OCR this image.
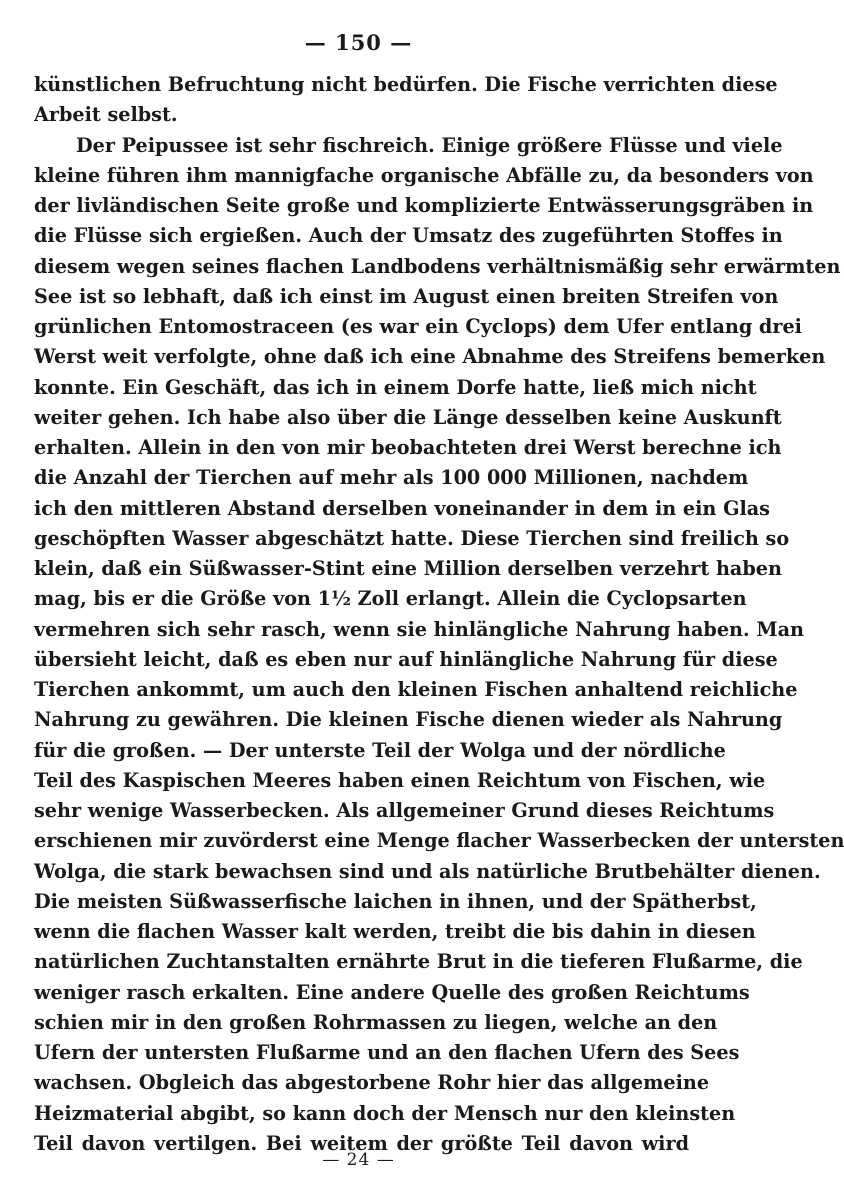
— 150 —
künstlichen Befruchtung nicht bedürfen. Die Fische verrichten diese
Arbeit selbst.
Der Peipussee ist sehr fischreich. Einige größere Flüsse und viele
kleine führen ihm mannigfache organische Abfälle zu, da besonders von
der livländischen Seite große und komplizierte Entwässerungsgräben in
die Flüsse sich ergießen. Auch der Umsatz des zugeführten Stoffes in
diesem wegen seines flachen Landbodens verhältnismäßig sehr erwärmten
See ist so lebhaft, daß ich einst im August einen breiten Streifen von
grünlichen Entomostraceen (es war ein Cyclops) dem Ufer entlang drei
Werst weit verfolgte, ohne daß ich eine Abnahme des Streifens bemerken
konnte. Ein Geschäft, das ich in einem Dorfe hatte, ließ mich nicht
weiter gehen. Ich habe also über die Länge desselben keine Auskunft
erhalten. Allein in den von mir beobachteten drei Werst berechne ich
die Anzahl der Tierchen auf mehr als 100 000 Millionen, nachdem
ich den mittleren Abstand derselben voneinander in dem in ein Glas
geschöpften Wasser abgeschätzt hatte. Diese Tierchen sind freilich so
klein, daß ein Süßwasser-Stint eine Million derselben verzehrt haben
mag, bis er die Größe von 1½ Zoll erlangt. Allein die Cyclopsarten
vermehren sich sehr rasch, wenn sie hinlängliche Nahrung haben. Man
übersieht leicht, daß es eben nur auf hinlängliche Nahrung für diese
Tierchen ankommt, um auch den kleinen Fischen anhaltend reichliche
Nahrung zu gewähren. Die kleinen Fische dienen wieder als Nahrung
für die großen. — Der unterste Teil der Wolga und der nördliche
Teil des Kaspischen Meeres haben einen Reichtum von Fischen, wie
sehr wenige Wasserbecken. Als allgemeiner Grund dieses Reichtums
erschienen mir zuvörderst eine Menge flacher Wasserbecken der untersten
Wolga, die stark bewachsen sind und als natürliche Brutbehälter dienen.
Die meisten Süßwasserfische laichen in ihnen, und der Spätherbst,
wenn die flachen Wasser kalt werden, treibt die bis dahin in diesen
natürlichen Zuchtanstalten ernährte Brut in die tieferen Flußarme, die
weniger rasch erkalten. Eine andere Quelle des großen Reichtums
schien mir in den großen Rohrmassen zu liegen, welche an den
Ufern der untersten Flußarme und an den flachen Ufern des Sees
wachsen. Obgleich das abgestorbene Rohr hier das allgemeine
Heizmaterial abgibt, so kann doch der Mensch nur den kleinsten
Teil davon vertilgen. Bei weitem der größte Teil davon wird
— 24 —
